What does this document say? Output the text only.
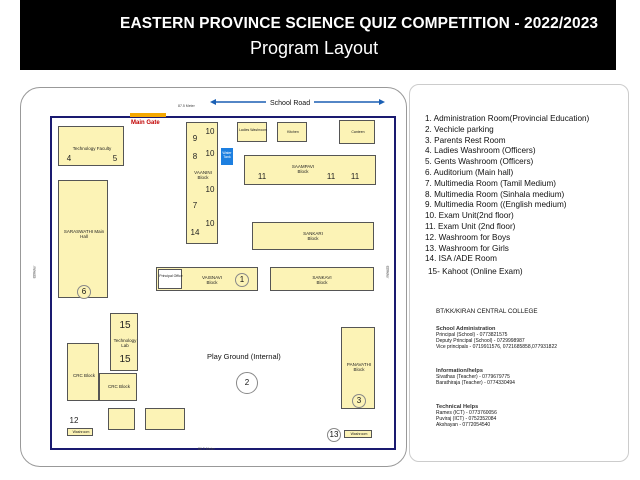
EASTERN PROVINCE SCIENCE QUIZ COMPETITION - 2022/2023
Program Layout
School Road
87.5 Meter
86.5 Meter
82Meter	82Meter
Main Gate
Technology Faculty
4	5
10
9
10
8
VAANINI Block
10
7
10
14
Water Tank
Ladies Washroom	Kitchen	Canteen
SAAMPAVI Block
11	11 11
SARASWATHI Main Hall
6
SANKARI Block
VAISNAVI Block	1
Principal Office	SANKAVI Block
15
Technology Lab
15
CRC Block
CRC Block
Play Ground (Internal)
2
PANAVATHI Block
3
12
Washroom	13	Washroom
1. Administration Room(Provincial Education)
2. Vechicle parking
3. Parents Rest Room
4. Ladies Washroom (Officers)
5. Gents Washroom (Officers)
6. Auditorium (Main hall)
7. Multimedia Room (Tamil Medium)
8. Multimedia Room (Sinhala medium)
9. Multimedia Room ((English medium)
10. Exam Unit(2nd floor)
11. Exam Unit (2nd floor)
12. Washroom for Boys
13. Washroom for Girls
14. ISA /ADE Room
15- Kahoot (Online Exam)
BT/KK/KIRAN CENTRAL COLLEGE
School Administration
Principal (School) - 0773821575
Deputy Principal (School) - 0729998987
Vice principals - 0719911576, 0721685858,077931822
Information/helps
Sivathas (Teacher) - 0779679775
Barathiraja (Teacher) - 0774330494
Technical Helps
Rames (ICT) - 0773760056
Puviraj (ICT) - 0752352084
Akshayan - 0772054540
